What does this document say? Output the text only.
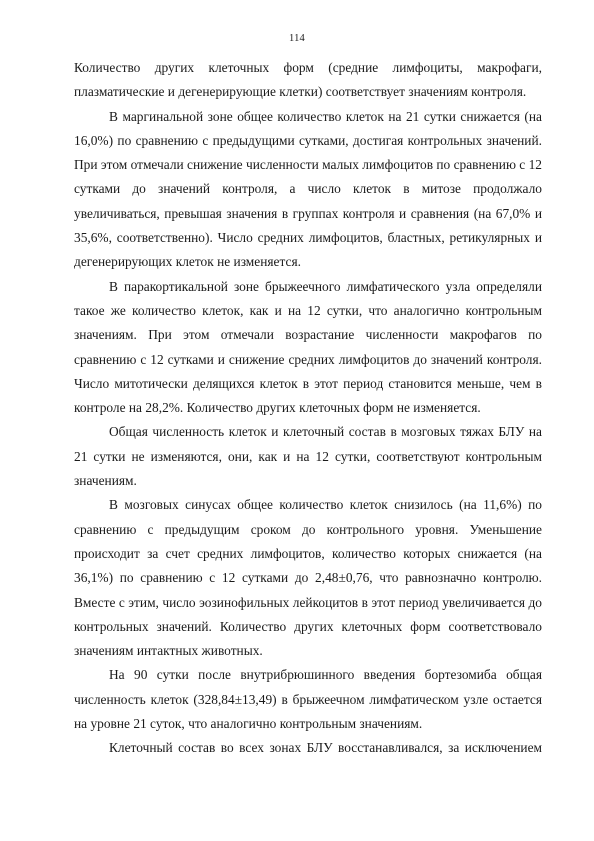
114

Количество других клеточных форм (средние лимфоциты, макрофаги, плазматические и дегенерирующие клетки) соответствует значениям контроля.

В маргинальной зоне общее количество клеток на 21 сутки снижается (на 16,0%) по сравнению с предыдущими сутками, достигая контрольных значений. При этом отмечали снижение численности малых лимфоцитов по сравнению с 12 сутками до значений контроля, а число клеток в митозе продолжало увеличиваться, превышая значения в группах контроля и сравнения (на 67,0% и 35,6%, соответственно). Число средних лимфоцитов, бластных, ретикулярных и дегенерирующих клеток не изменяется.

В паракортикальной зоне брыжеечного лимфатического узла определяли такое же количество клеток, как и на 12 сутки, что аналогично контрольным значениям. При этом отмечали возрастание численности макрофагов по сравнению с 12 сутками и снижение средних лимфоцитов до значений контроля. Число митотически делящихся клеток в этот период становится меньше, чем в контроле на 28,2%. Количество других клеточных форм не изменяется.

Общая численность клеток и клеточный состав в мозговых тяжах БЛУ на 21 сутки не изменяются, они, как и на 12 сутки, соответствуют контрольным значениям.

В мозговых синусах общее количество клеток снизилось (на 11,6%) по сравнению с предыдущим сроком до контрольного уровня. Уменьшение происходит за счет средних лимфоцитов, количество которых снижается (на 36,1%) по сравнению с 12 сутками до 2,48±0,76, что равнозначно контролю. Вместе с этим, число эозинофильных лейкоцитов в этот период увеличивается до контрольных значений. Количество других клеточных форм соответствовало значениям интактных животных.

На 90 сутки после внутрибрюшинного введения бортезомиба общая численность клеток (328,84±13,49) в брыжеечном лимфатическом узле остается на уровне 21 суток, что аналогично контрольным значениям.

Клеточный состав во всех зонах БЛУ восстанавливался, за исключением
